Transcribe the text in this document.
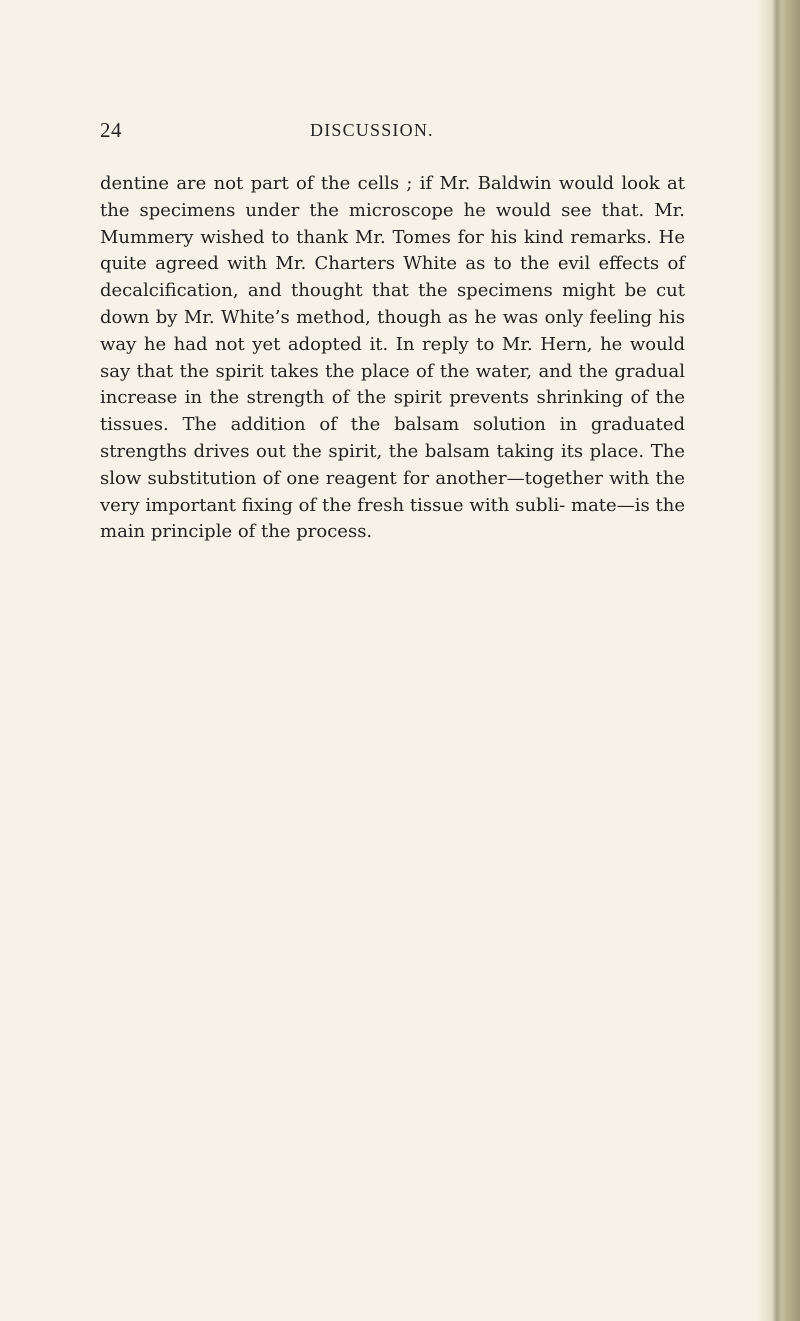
24	DISCUSSION.

dentine are not part of the cells ; if Mr. Baldwin would look at the specimens under the microscope he would see that. Mr. Mummery wished to thank Mr. Tomes for his kind remarks. He quite agreed with Mr. Charters White as to the evil effects of decalcification, and thought that the specimens might be cut down by Mr. White’s method, though as he was only feeling his way he had not yet adopted it. In reply to Mr. Hern, he would say that the spirit takes the place of the water, and the gradual increase in the strength of the spirit prevents shrinking of the tissues. The addition of the balsam solution in graduated strengths drives out the spirit, the balsam taking its place. The slow substitution of one reagent for another—together with the very important fixing of the fresh tissue with subli- mate—is the main principle of the process.
